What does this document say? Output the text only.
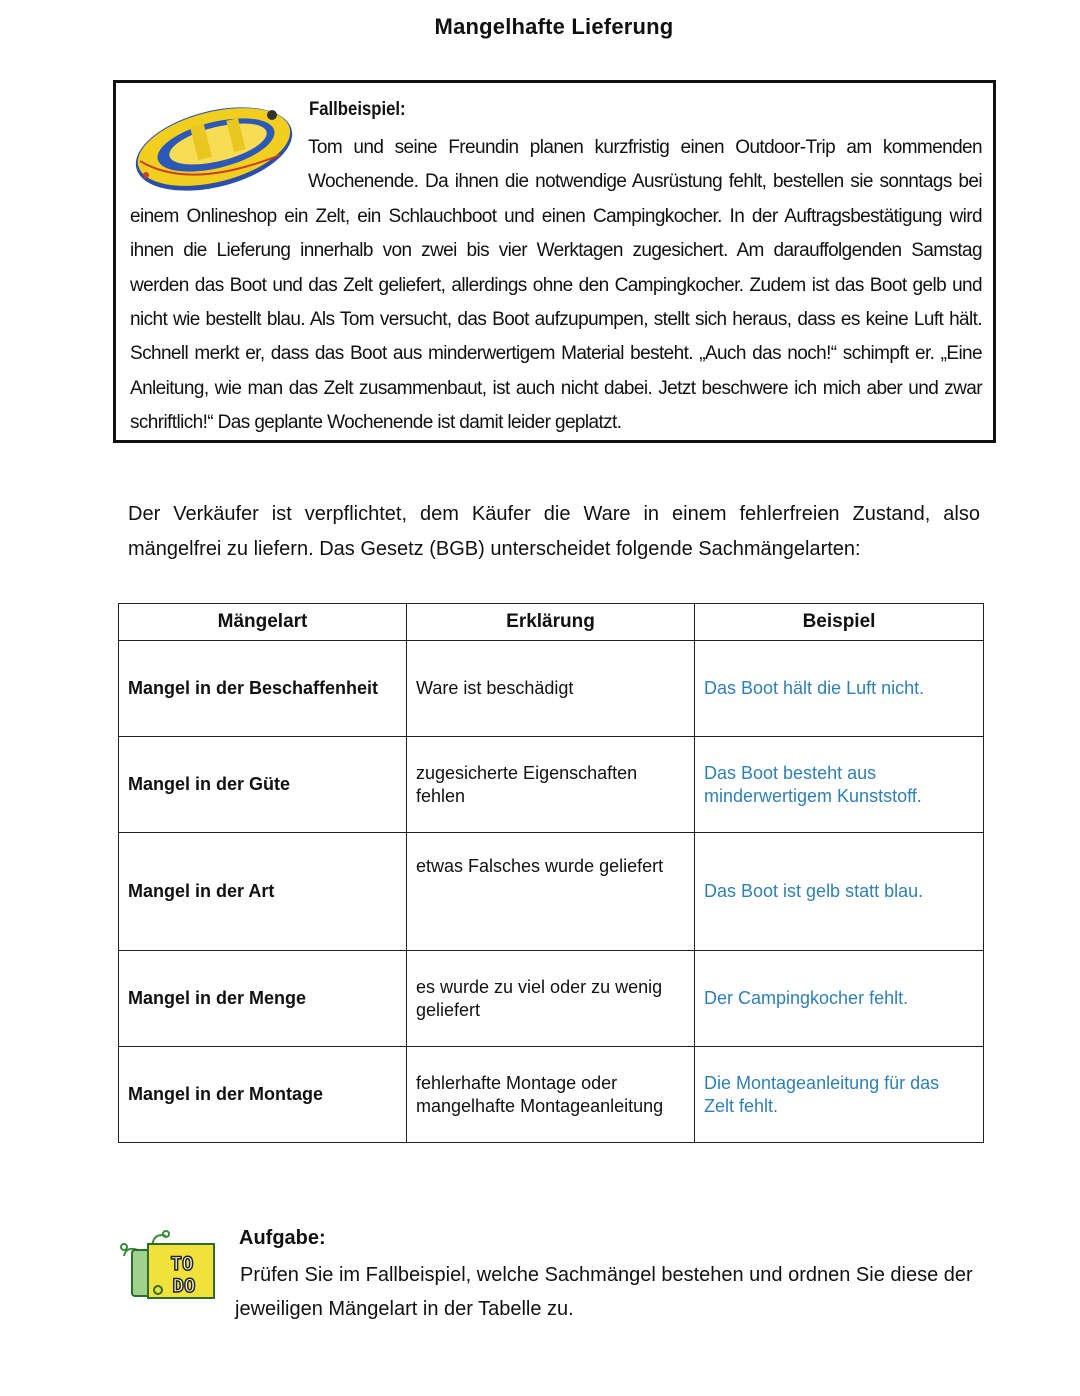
Mangelhafte Lieferung
Fallbeispiel:
Tom und seine Freundin planen kurzfristig einen Outdoor-Trip am kommenden Wochenende. Da ihnen die notwendige Ausrüstung fehlt, bestellen sie sonntags bei einem Onlineshop ein Zelt, ein Schlauchboot und einen Campingkocher. In der Auftragsbestätigung wird ihnen die Lieferung innerhalb von zwei bis vier Werktagen zugesichert. Am darauffolgenden Samstag werden das Boot und das Zelt geliefert, allerdings ohne den Campingkocher. Zudem ist das Boot gelb und nicht wie bestellt blau. Als Tom versucht, das Boot aufzupumpen, stellt sich heraus, dass es keine Luft hält. Schnell merkt er, dass das Boot aus minderwertigem Material besteht. „Auch das noch!“ schimpft er. „Eine Anleitung, wie man das Zelt zusammenbaut, ist auch nicht dabei. Jetzt beschwere ich mich aber und zwar schriftlich!“ Das geplante Wochenende ist damit leider geplatzt.
Der Verkäufer ist verpflichtet, dem Käufer die Ware in einem fehlerfreien Zustand, also mängelfrei zu liefern. Das Gesetz (BGB) unterscheidet folgende Sachmängelarten:
Mängelart	Erklärung	Beispiel
Mangel in der Beschaffenheit	Ware ist beschädigt	Das Boot hält die Luft nicht.
Mangel in der Güte	zugesicherte Eigenschaften fehlen	Das Boot besteht aus minderwertigem Kunststoff.
Mangel in der Art	etwas Falsches wurde geliefert	Das Boot ist gelb statt blau.
Mangel in der Menge	es wurde zu viel oder zu wenig geliefert	Der Campingkocher fehlt.
Mangel in der Montage	fehlerhafte Montage oder mangelhafte Montageanleitung	Die Montageanleitung für das Zelt fehlt.
TO
DO
Aufgabe:
Prüfen Sie im Fallbeispiel, welche Sachmängel bestehen und ordnen Sie diese der jeweiligen Mängelart in der Tabelle zu.
